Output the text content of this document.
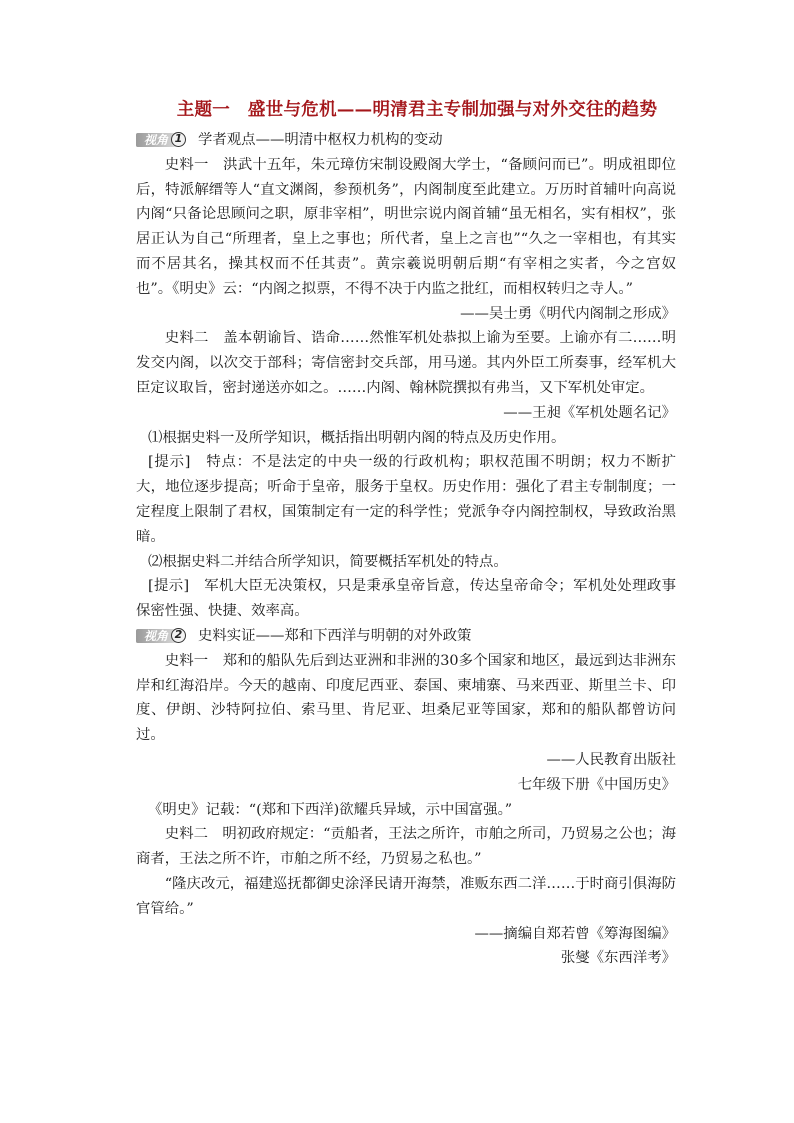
主题一　盛世与危机——明清君主专制加强与对外交往的趋势
视角 1 学者观点——明清中枢权力机构的变动

史料一　洪武十五年，朱元璋仿宋制设殿阁大学士，“备顾问而已”。明成祖即位后，特派解缙等人“直文渊阁，参预机务”，内阁制度至此建立。万历时首辅叶向高说内阁“只备论思顾问之职，原非宰相”，明世宗说内阁首辅“虽无相名，实有相权”，张居正认为自己“所理者，皇上之事也；所代者，皇上之言也”“久之一宰相也，有其实而不居其名，操其权而不任其责”。黄宗羲说明朝后期“有宰相之实者，今之宫奴也”。《明史》云：“内阁之拟票，不得不决于内监之批红，而相权转归之寺人。”

——吴士勇《明代内阁制之形成》

史料二　盖本朝谕旨、诰命……然惟军机处恭拟上谕为至要。上谕亦有二……明发交内阁，以次交于部科；寄信密封交兵部，用马递。其内外臣工所奏事，经军机大臣定议取旨，密封递送亦如之。……内阁、翰林院撰拟有弗当，又下军机处审定。

——王昶《军机处题名记》

⑴根据史料一及所学知识，概括指出明朝内阁的特点及历史作用。

[提示]　特点：不是法定的中央一级的行政机构；职权范围不明朗；权力不断扩大，地位逐步提高；听命于皇帝，服务于皇权。历史作用：强化了君主专制制度；一定程度上限制了君权，国策制定有一定的科学性；党派争夺内阁控制权，导致政治黑暗。

⑵根据史料二并结合所学知识，简要概括军机处的特点。

[提示]　军机大臣无决策权，只是秉承皇帝旨意，传达皇帝命令；军机处处理政事保密性强、快捷、效率高。

视角 2 史料实证——郑和下西洋与明朝的对外政策

史料一　郑和的船队先后到达亚洲和非洲的30多个国家和地区，最远到达非洲东岸和红海沿岸。今天的越南、印度尼西亚、泰国、柬埔寨、马来西亚、斯里兰卡、印度、伊朗、沙特阿拉伯、索马里、肯尼亚、坦桑尼亚等国家，郑和的船队都曾访问过。

——人民教育出版社

七年级下册《中国历史》

《明史》记载：“(郑和下西洋)欲耀兵异域，示中国富强。”

史料二　明初政府规定：“贡船者，王法之所许，市舶之所司，乃贸易之公也；海商者，王法之所不许，市舶之所不经，乃贸易之私也。”

“隆庆改元，福建巡抚都御史涂泽民请开海禁，准贩东西二洋……于时商引俱海防官管给。”

——摘编自郑若曾《筹海图编》

张燮《东西洋考》
